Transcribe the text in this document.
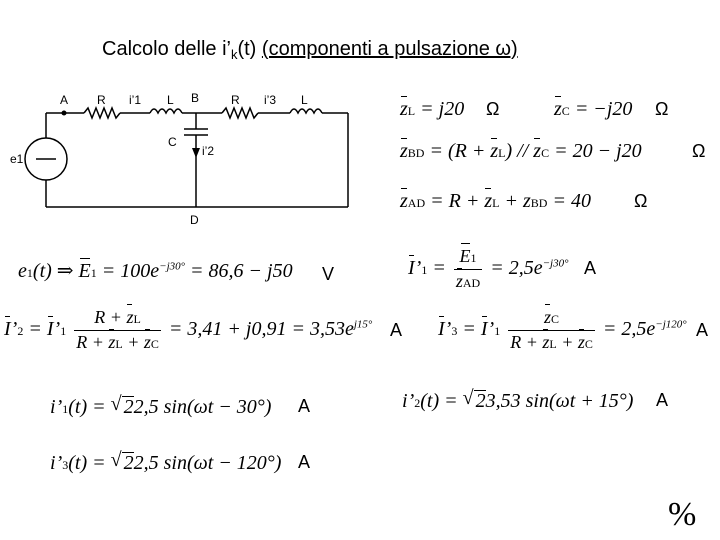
Calcolo delle $i’_k(t)$ (componenti a pulsazione ω)
A R i’1 L B	R i’3 L
C
i’2
e1
D
zL = j20 Ω	zC = −j20 Ω
zBD = (R + zL) // zC = 20 − j20	Ω
zAD = R + zL + zBD = 40 Ω
e1(t) ⇒ $E1 = 100e^{-j30^\circ} = 86,6 - j50$ V	I’1 = $\frac{E1}{\text{zAD}} = 2,5e^{-j30^\circ}$ A
I’2 = I’1 $\frac{R + zL}{R + zL + zC} = 3,41 + j0,91 = 3,53e^{j15^\circ}$ A I’3 = I’1 $\frac{zC}{R + zL + zC} = 2,5e^{-j120^\circ}$ A
i’1(t) = √ 22,5 sin(ωt − 30°) A	i’2(t) = √ 23,53 sin(ωt + 15°) A
i’3(t) = √ 22,5 sin(ωt − 120°) A
%
